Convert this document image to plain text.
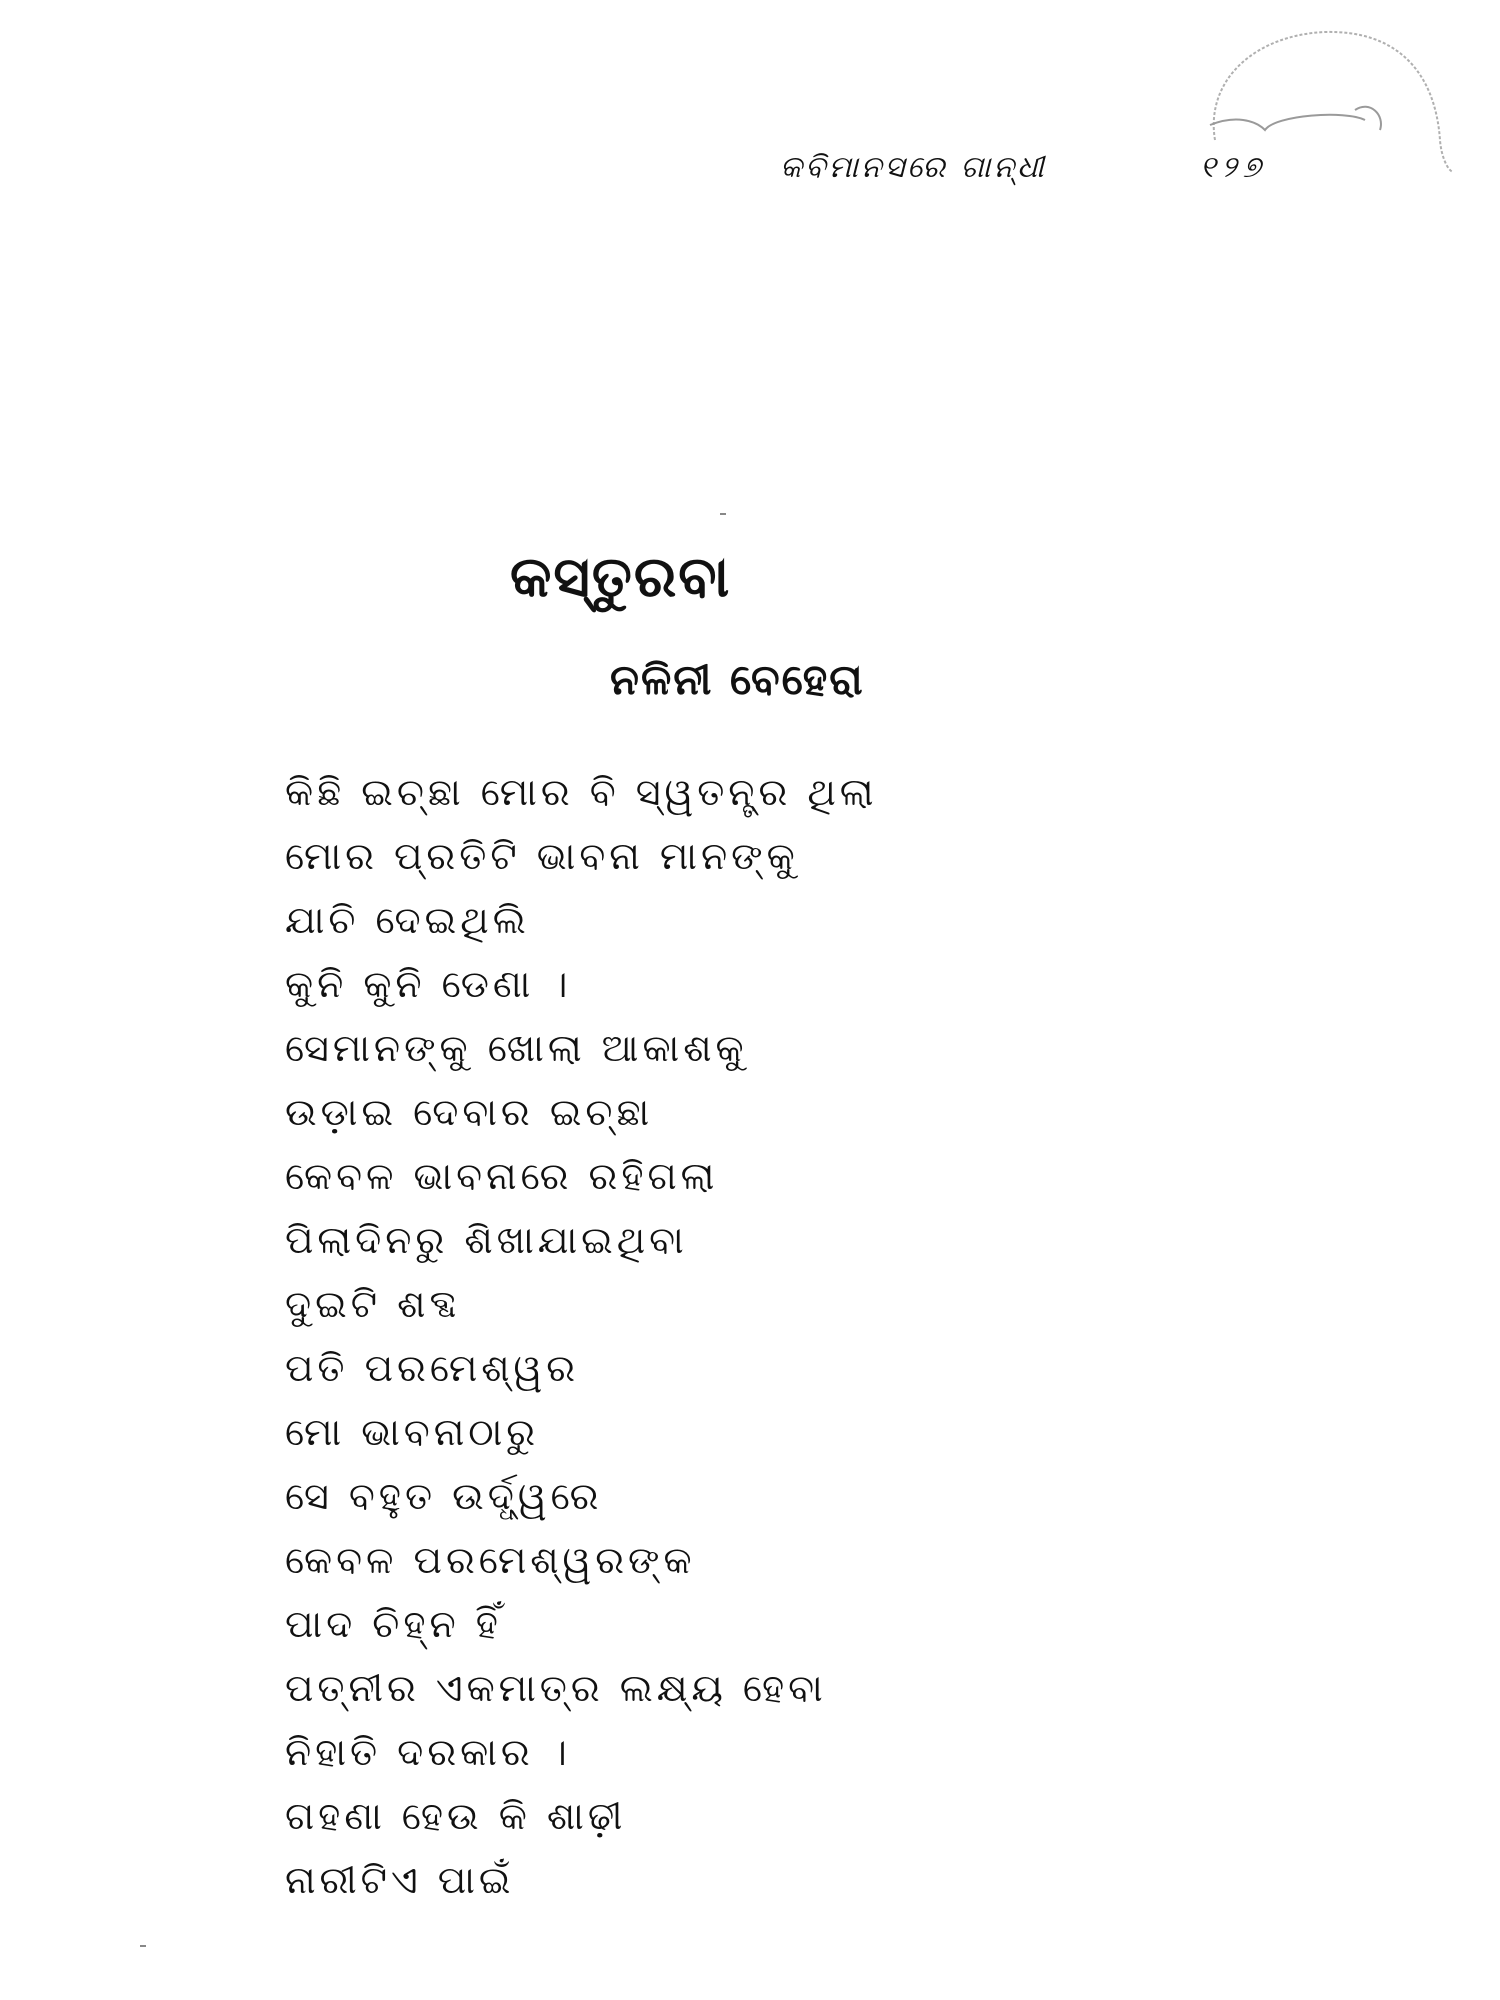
କବିମାନସରେ ଗାନ୍ଧୀ	୧୨୭
କସ୍ତୁରବା
ନଳିନୀ ବେହେରା
କିଛି ଇଚ୍ଛା ମୋର ବି ସ୍ୱତନ୍ତ୍ର ଥିଲା
ମୋର ପ୍ରତିଟି ଭାବନା ମାନଙ୍କୁ
ଯାଚି ଦେଇଥିଲି
କୁନି କୁନି ଡେଣା ।
ସେମାନଙ୍କୁ ଖୋଲା ଆକାଶକୁ
ଉଡ଼ାଇ ଦେବାର ଇଚ୍ଛା
କେବଳ ଭାବନାରେ ରହିଗଲା
ପିଲାଦିନରୁ ଶିଖାଯାଇଥିବା
ଦୁଇଟି ଶବ୍ଦ
ପତି ପରମେଶ୍ୱର
ମୋ ଭାବନାଠାରୁ
ସେ ବହୁତ ଉର୍ଦ୍ଧ୍ୱରେ
କେବଳ ପରମେଶ୍ୱରଙ୍କ
ପାଦ ଚିହ୍ନ ହିଁ
ପତ୍ନୀର ଏକମାତ୍ର ଲକ୍ଷ୍ୟ ହେବା
ନିହାତି ଦରକାର ।
ଗହଣା ହେଉ କି ଶାଢ଼ୀ
ନାରୀଟିଏ ପାଇଁ
